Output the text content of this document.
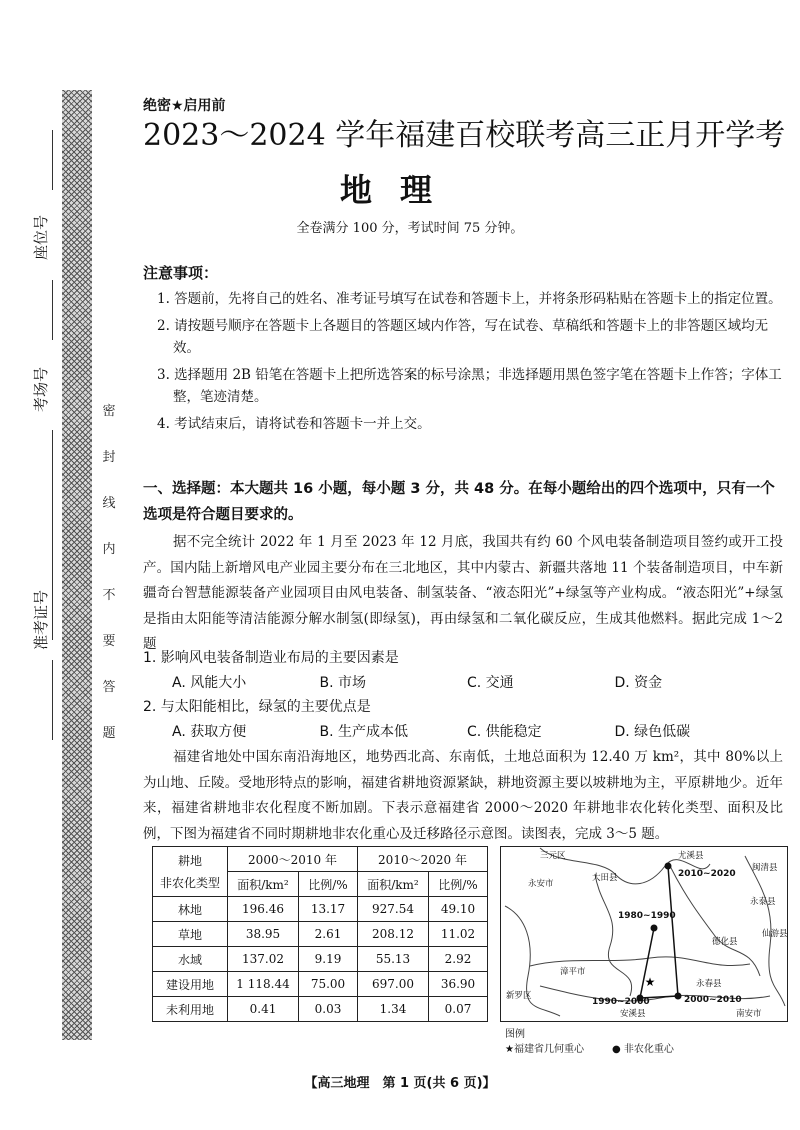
座位号
考场号
准考证号
密
封
线
内
不
要
答
题
绝密★启用前
2023～2024 学年福建百校联考高三正月开学考
地理
全卷满分 100 分，考试时间 75 分钟。
注意事项：
1. 答题前，先将自己的姓名、准考证号填写在试卷和答题卡上，并将条形码粘贴在答题卡上的指定位置。
2. 请按题号顺序在答题卡上各题目的答题区域内作答，写在试卷、草稿纸和答题卡上的非答题区域均无效。
3. 选择题用 2B 铅笔在答题卡上把所选答案的标号涂黑；非选择题用黑色签字笔在答题卡上作答；字体工整，笔迹清楚。
4. 考试结束后，请将试卷和答题卡一并上交。
一、选择题：本大题共 16 小题，每小题 3 分，共 48 分。在每小题给出的四个选项中，只有一个选项是符合题目要求的。
据不完全统计 2022 年 1 月至 2023 年 12 月底，我国共有约 60 个风电装备制造项目签约或开工投产。国内陆上新增风电产业园主要分布在三北地区，其中内蒙古、新疆共落地 11 个装备制造项目，中车新疆奇台智慧能源装备产业园项目由风电装备、制氢装备、“液态阳光”+绿氢等产业构成。“液态阳光”+绿氢是指由太阳能等清洁能源分解水制氢(即绿氢)，再由绿氢和二氧化碳反应，生成其他燃料。据此完成 1～2 题
1. 影响风电装备制造业布局的主要因素是
A. 风能大小	B. 市场	C. 交通	D. 资金
2. 与太阳能相比，绿氢的主要优点是
A. 获取方便	B. 生产成本低	C. 供能稳定	D. 绿色低碳
福建省地处中国东南沿海地区，地势西北高、东南低，土地总面积为 12.40 万 km²，其中 80%以上为山地、丘陵。受地形特点的影响，福建省耕地资源紧缺，耕地资源主要以坡耕地为主，平原耕地少。近年来，福建省耕地非农化程度不断加剧。下表示意福建省 2000～2020 年耕地非农化转化类型、面积及比例，下图为福建省不同时期耕地非农化重心及迁移路径示意图。读图表，完成 3～5 题。
耕地
非农化类型	2000～2010 年		2010～2020 年	
	面积/km²	比例/%	面积/km²	比例/%
林地	196.46	13.17	927.54	49.10
草地	38.95	2.61	208.12	11.02
水域	137.02	9.19	55.13	2.92
建设用地	1 118.44	75.00	697.00	36.90
未利用地	0.41	0.03	1.34	0.07
★
三元区
大田县
尤溪县
闽清县
永安市
永泰县
德化县
仙游县
漳平市
永春县
安溪县	南安市
新罗区
2010~2020
1980~1990
1990~2000	2000~2010
图例
★福建省几何重心	● 非农化重心
【高三地理　第 1 页(共 6 页)】
